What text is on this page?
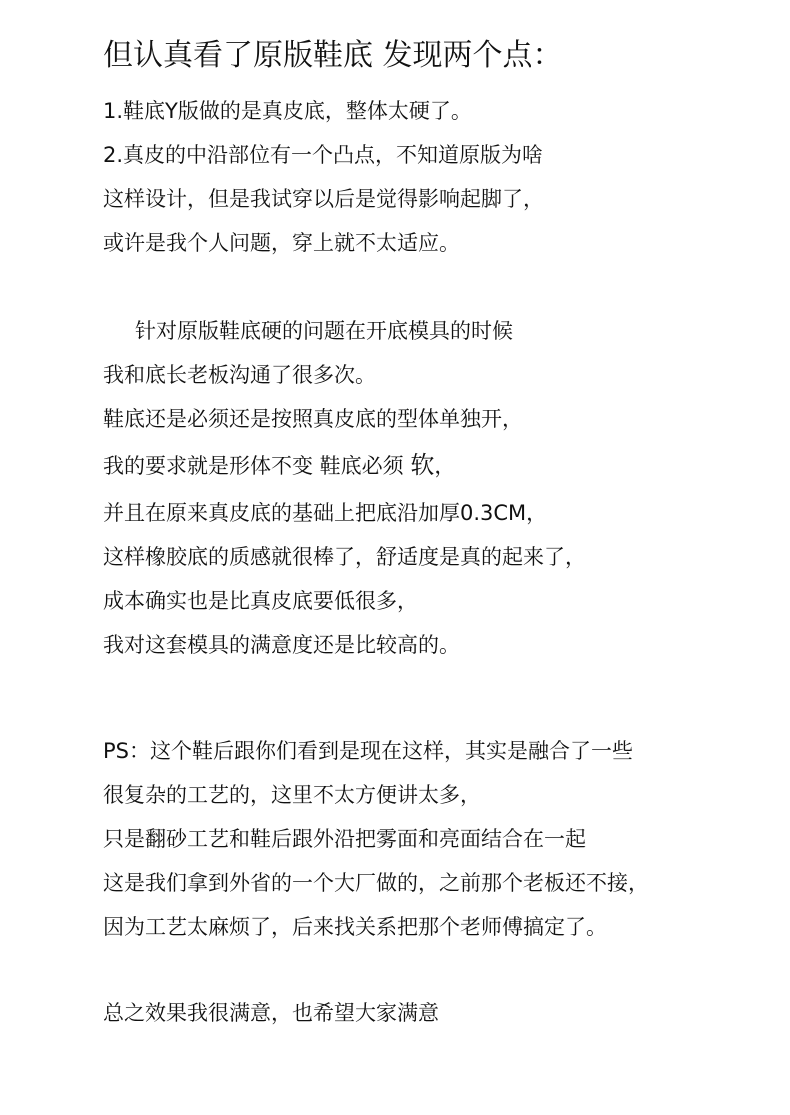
但认真看了原版鞋底 发现两个点：
1.鞋底Y版做的是真皮底，整体太硬了。
2.真皮的中沿部位有一个凸点，不知道原版为啥
这样设计，但是我试穿以后是觉得影响起脚了，
或许是我个人问题，穿上就不太适应。
针对原版鞋底硬的问题在开底模具的时候
我和底长老板沟通了很多次。
鞋底还是必须还是按照真皮底的型体单独开，
我的要求就是形体不变 鞋底必须 软，
并且在原来真皮底的基础上把底沿加厚0.3CM，
这样橡胶底的质感就很棒了，舒适度是真的起来了，
成本确实也是比真皮底要低很多，
我对这套模具的满意度还是比较高的。
PS：这个鞋后跟你们看到是现在这样，其实是融合了一些
很复杂的工艺的，这里不太方便讲太多，
只是翻砂工艺和鞋后跟外沿把雾面和亮面结合在一起
这是我们拿到外省的一个大厂做的，之前那个老板还不接，
因为工艺太麻烦了，后来找关系把那个老师傅搞定了。
总之效果我很满意，也希望大家满意
